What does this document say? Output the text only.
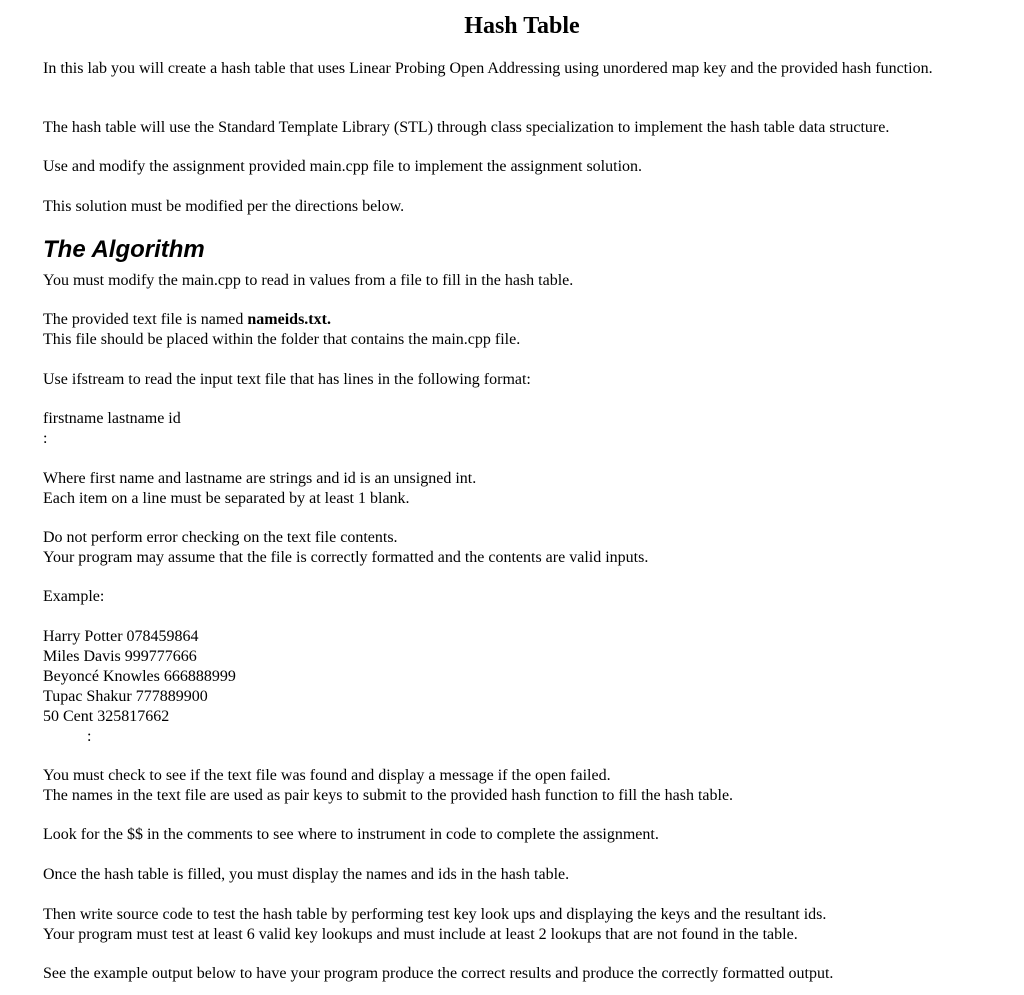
Hash Table

In this lab you will create a hash table that uses Linear Probing Open Addressing using unordered map key and the provided hash function.

The hash table will use the Standard Template Library (STL) through class specialization to implement the hash table data structure.

Use and modify the assignment provided main.cpp file to implement the assignment solution.

This solution must be modified per the directions below.

The Algorithm

You must modify the main.cpp to read in values from a file to fill in the hash table.

The provided text file is named nameids.txt.
This file should be placed within the folder that contains the main.cpp file.

Use ifstream to read the input text file that has lines in the following format:

firstname lastname id
:

Where first name and lastname are strings and id is an unsigned int.
Each item on a line must be separated by at least 1 blank.

Do not perform error checking on the text file contents.
Your program may assume that the file is correctly formatted and the contents are valid inputs.

Example:

Harry Potter 078459864
Miles Davis 999777666
Beyoncé Knowles 666888999
Tupac Shakur 777889900
50 Cent 325817662
:

You must check to see if the text file was found and display a message if the open failed.
The names in the text file are used as pair keys to submit to the provided hash function to fill the hash table.

Look for the $$ in the comments to see where to instrument in code to complete the assignment.

Once the hash table is filled, you must display the names and ids in the hash table.

Then write source code to test the hash table by performing test key look ups and displaying the keys and the resultant ids.
Your program must test at least 6 valid key lookups and must include at least 2 lookups that are not found in the table.

See the example output below to have your program produce the correct results and produce the correctly formatted output.
